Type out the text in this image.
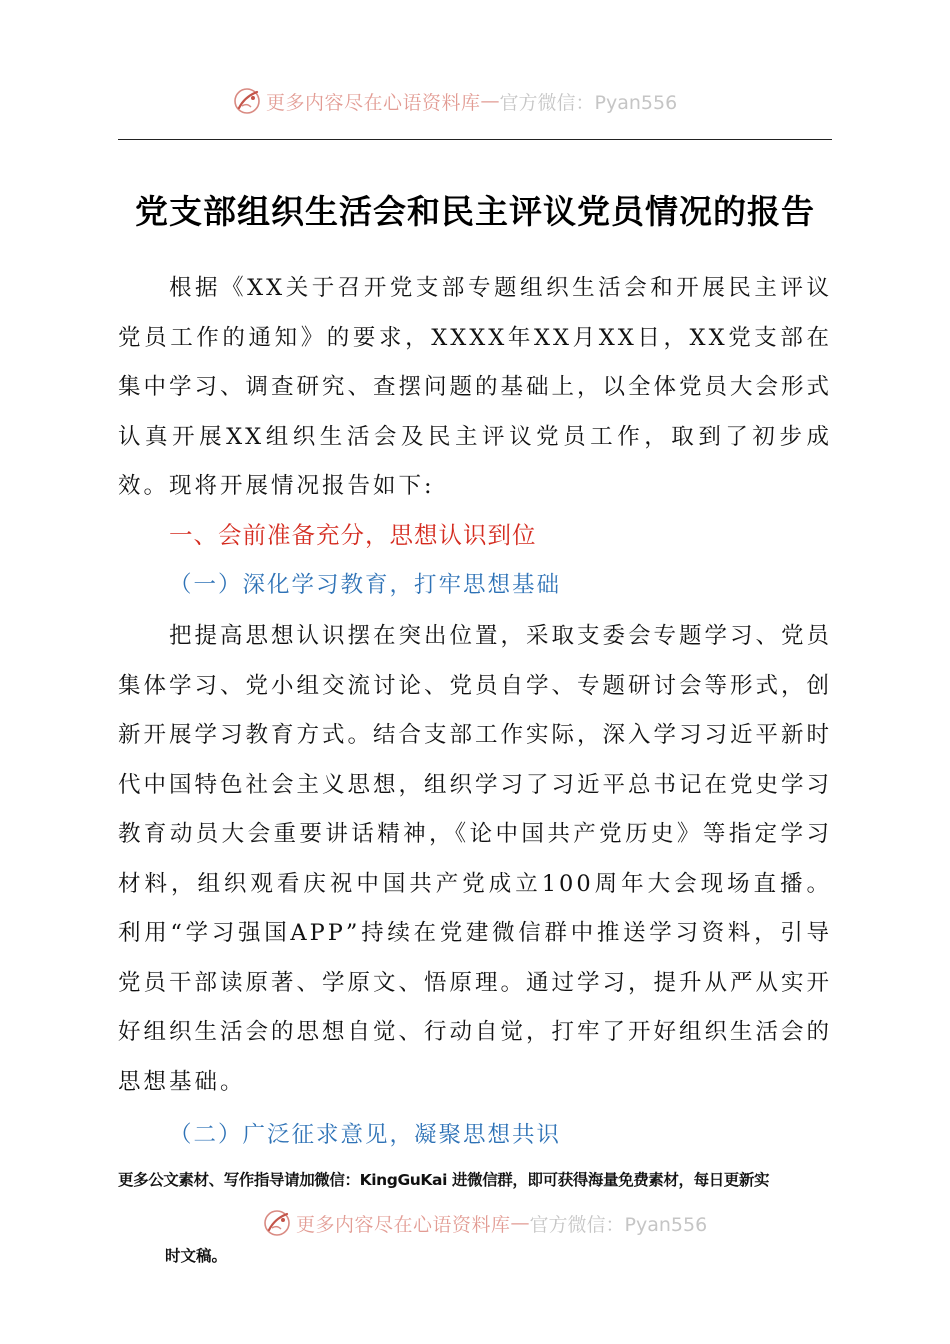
更多内容尽在心语资料库 — 官方微信：Pyan556
党支部组织生活会和民主评议党员情况的报告
根据《XX关于召开党支部专题组织生活会和开展民主评议党员工作的通知》的要求，XXXX年XX月XX日，XX党支部在集中学习、调查研究、查摆问题的基础上，以全体党员大会形式认真开展XX组织生活会及民主评议党员工作，取到了初步成效。现将开展情况报告如下:
一、会前准备充分，思想认识到位
（一）深化学习教育，打牢思想基础
把提高思想认识摆在突出位置，采取支委会专题学习、党员集体学习、党小组交流讨论、党员自学、专题研讨会等形式，创新开展学习教育方式。结合支部工作实际，深入学习习近平新时代中国特色社会主义思想，组织学习了习近平总书记在党史学习教育动员大会重要讲话精神，《论中国共产党历史》等指定学习材料，组织观看庆祝中国共产党成立100周年大会现场直播。利用“学习强国APP”持续在党建微信群中推送学习资料，引导党员干部读原著、学原文、悟原理。通过学习，提升从严从实开好组织生活会的思想自觉、行动自觉，打牢了开好组织生活会的思想基础。
（二）广泛征求意见，凝聚思想共识
更多公文素材、写作指导请加微信：KingGuKai 进微信群，即可获得海量免费素材，每日更新实
更多内容尽在心语资料库 — 官方微信：Pyan556
时文稿。
